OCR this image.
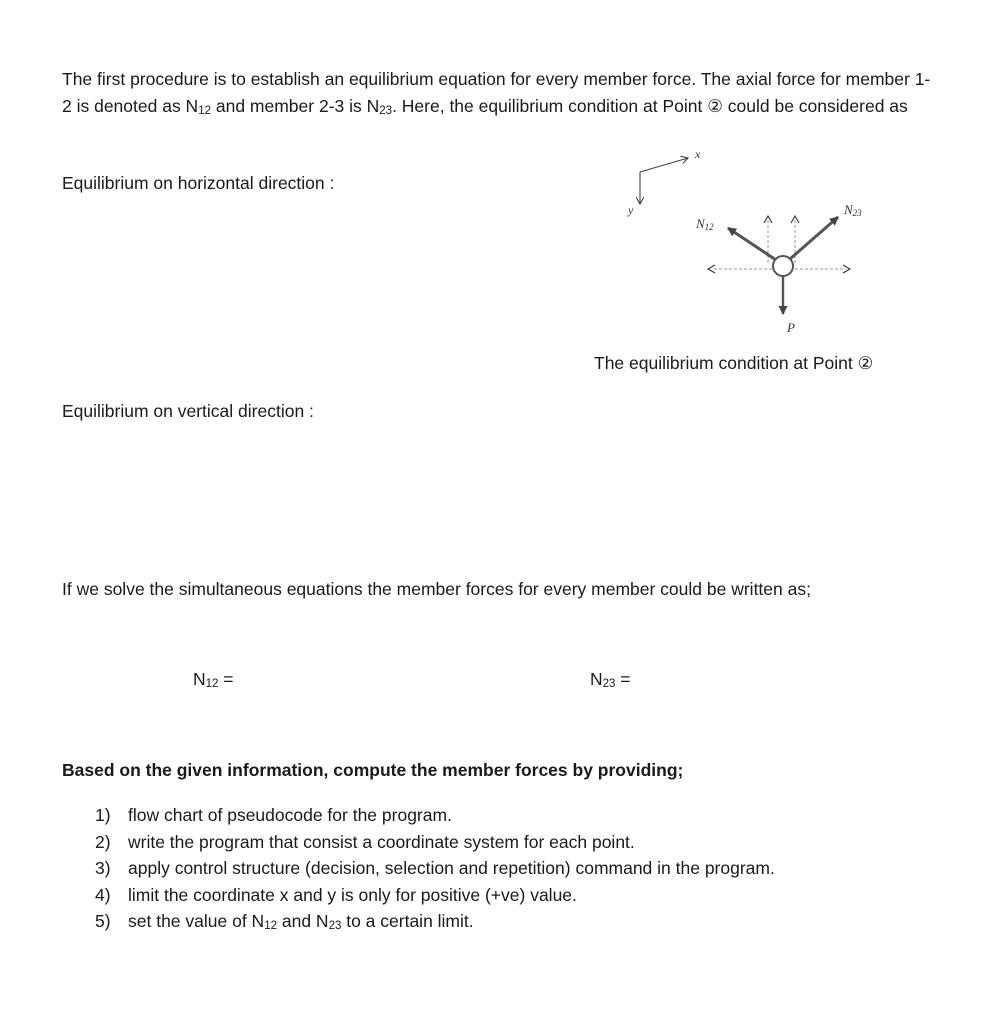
The first procedure is to establish an equilibrium equation for every member force. The axial force for member 1-2 is denoted as $N_{12}$ and member 2-3 is $N_{23}$. Here, the equilibrium condition at Point ② could be considered as

Equilibrium on horizontal direction :

x
y
N12
N23
P

The equilibrium condition at Point ②

Equilibrium on vertical direction :

If we solve the simultaneous equations the member forces for every member could be written as;

$N_{12}$ =	$N_{23}$ =

Based on the given information, compute the member forces by providing;

1) flow chart of pseudocode for the program.
2) write the program that consist a coordinate system for each point.
3) apply control structure (decision, selection and repetition) command in the program.
4) limit the coordinate x and y is only for positive (+ve) value.
5) set the value of $N_{12}$ and $N_{23}$ to a certain limit.
